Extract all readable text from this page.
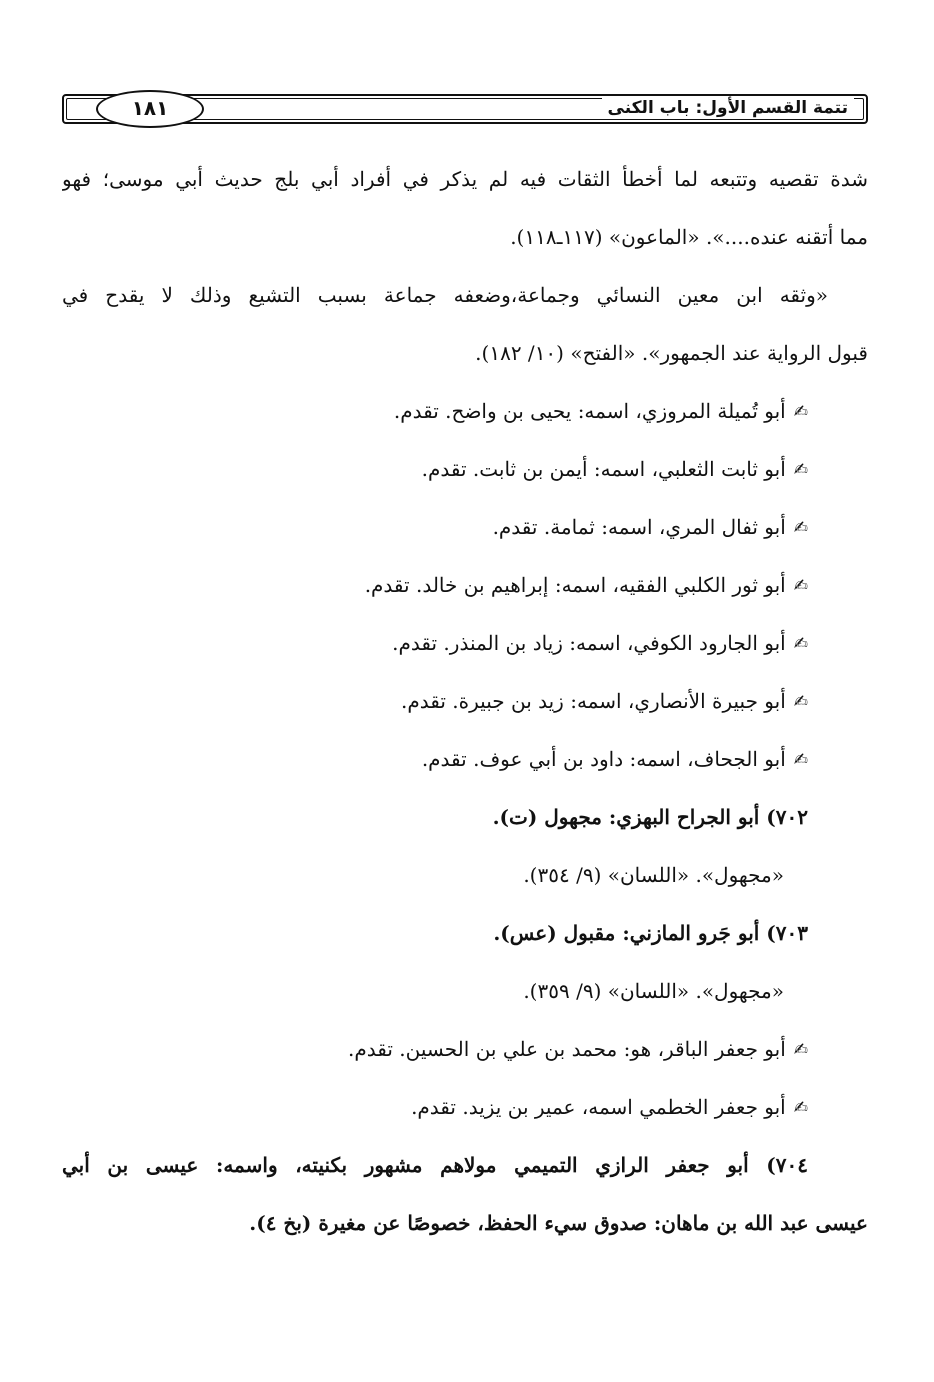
تتمة القسم الأول: باب الكنى
١٨١
شدة تقصيه وتتبعه لما أخطأ الثقات فيه لم يذكر في أفراد أبي بلج حديث أبي موسى؛ فهو
مما أتقنه عنده....». «الماعون» (١١٧ـ١١٨).
«وثقه ابن معين النسائي وجماعة،وضعفه جماعة بسبب التشيع وذلك لا يقدح في
قبول الرواية عند الجمهور». «الفتح» (١٠/ ١٨٢).
✍أبو تُميلة المروزي، اسمه: يحيى بن واضح. تقدم.
✍أبو ثابت الثعلبي، اسمه: أيمن بن ثابت. تقدم.
✍أبو ثفال المري، اسمه: ثمامة. تقدم.
✍أبو ثور الكلبي الفقيه، اسمه: إبراهيم بن خالد. تقدم.
✍أبو الجارود الكوفي، اسمه: زياد بن المنذر. تقدم.
✍أبو جبيرة الأنصاري، اسمه: زيد بن جبيرة. تقدم.
✍أبو الجحاف، اسمه: داود بن أبي عوف. تقدم.
٧٠٢) أبو الجراح البهزي: مجهول (ت).
«مجهول». «اللسان» (٩/ ٣٥٤).
٧٠٣) أبو جَرو المازني: مقبول (عس).
«مجهول». «اللسان» (٩/ ٣٥٩).
✍أبو جعفر الباقر، هو: محمد بن علي بن الحسين. تقدم.
✍أبو جعفر الخطمي اسمه، عمير بن يزيد. تقدم.
٧٠٤) أبو جعفر الرازي التميمي مولاهم مشهور بكنيته، واسمه: عيسى بن أبي
عيسى عبد الله بن ماهان: صدوق سيء الحفظ، خصوصًا عن مغيرة (بخ ٤).
